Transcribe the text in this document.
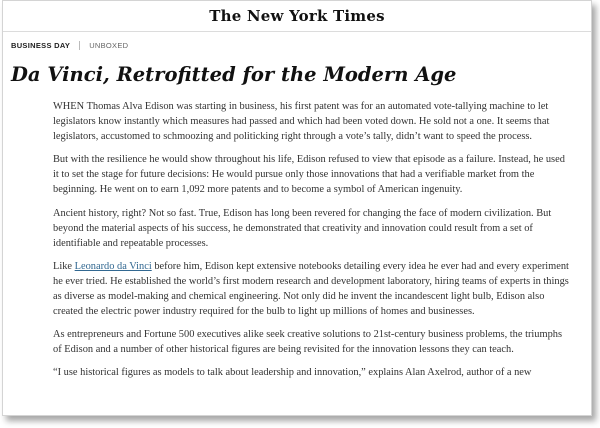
The New York Times
BUSINESS DAY	UNBOXED
Da Vinci, Retrofitted for the Modern Age

WHEN Thomas Alva Edison was starting in business, his first patent was for an automated vote-tallying machine to let legislators know instantly which measures had passed and which had been voted down. He sold not a one. It seems that legislators, accustomed to schmoozing and politicking right through a vote’s tally, didn’t want to speed the process.

But with the resilience he would show throughout his life, Edison refused to view that episode as a failure. Instead, he used it to set the stage for future decisions: He would pursue only those innovations that had a verifiable market from the beginning. He went on to earn 1,092 more patents and to become a symbol of American ingenuity.

Ancient history, right? Not so fast. True, Edison has long been revered for changing the face of modern civilization. But beyond the material aspects of his success, he demonstrated that creativity and innovation could result from a set of identifiable and repeatable processes.

Like Leonardo da Vinci before him, Edison kept extensive notebooks detailing every idea he ever had and every experiment he ever tried. He established the world’s first modern research and development laboratory, hiring teams of experts in things as diverse as model-making and chemical engineering. Not only did he invent the incandescent light bulb, Edison also created the electric power industry required for the bulb to light up millions of homes and businesses.

As entrepreneurs and Fortune 500 executives alike seek creative solutions to 21st-century business problems, the triumphs of Edison and a number of other historical figures are being revisited for the innovation lessons they can teach.

“I use historical figures as models to talk about leadership and innovation,” explains Alan Axelrod, author of a new
